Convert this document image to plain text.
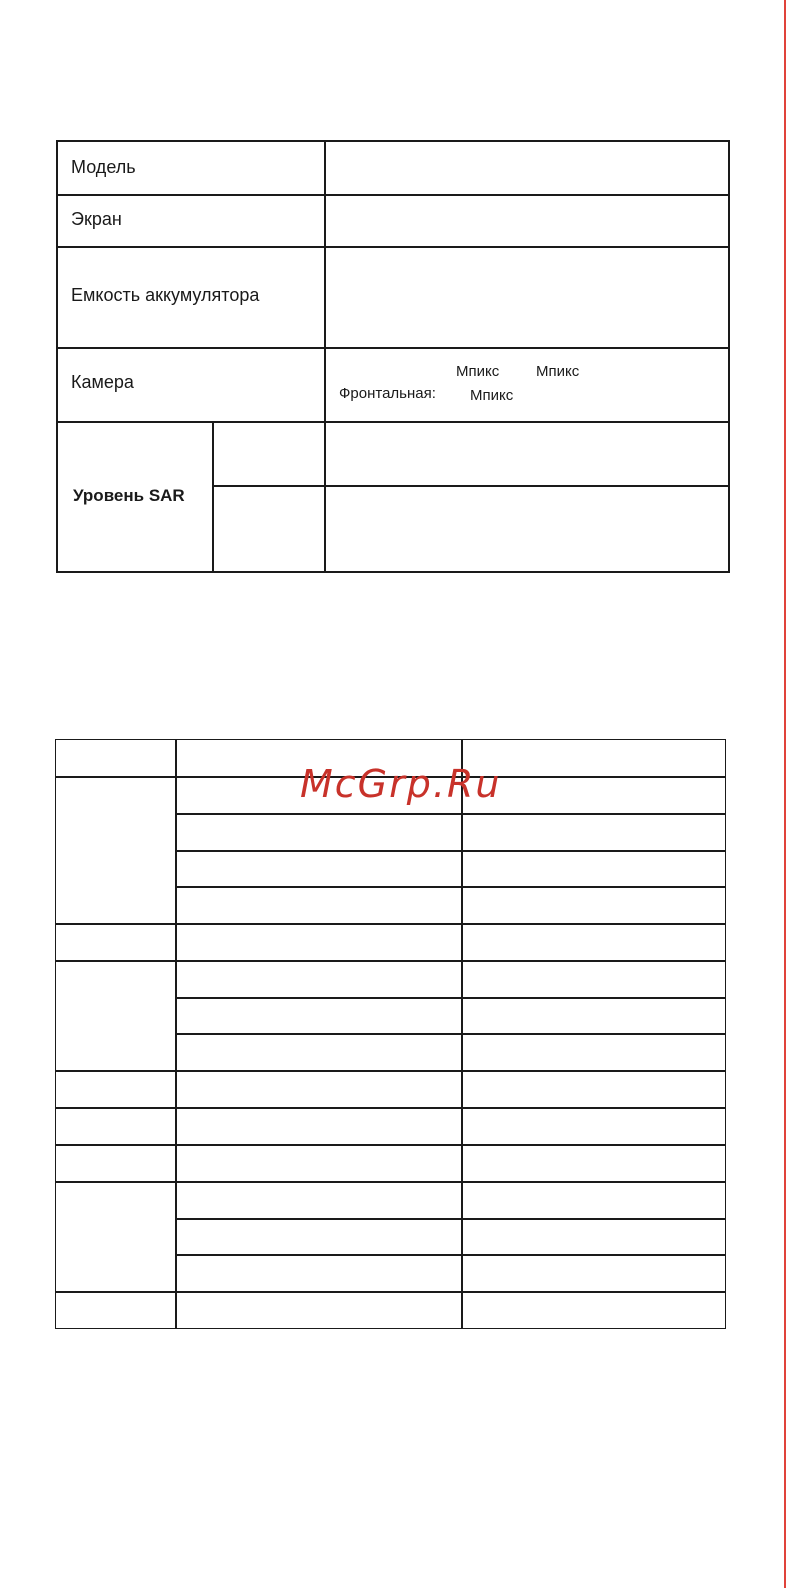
Модель
Экран
Емкость аккумулятора
Камера
Мпикс Мпикс
Фронтальная: Мпикс
Уровень SAR
McGrp.Ru
